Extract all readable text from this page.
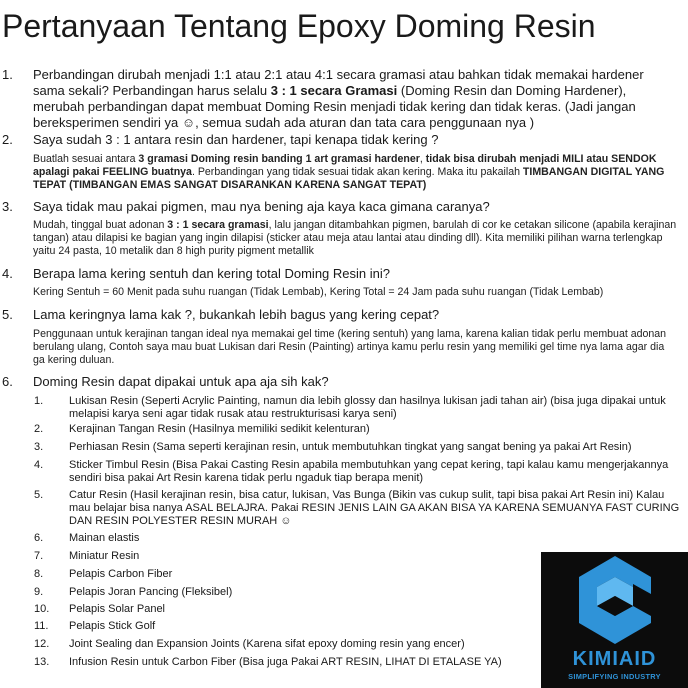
Pertanyaan Tentang Epoxy Doming Resin
1. Perbandingan dirubah menjadi 1:1 atau 2:1 atau 4:1 secara gramasi atau bahkan tidak memakai hardener sama sekali? Perbandingan harus selalu 3 : 1 secara Gramasi (Doming Resin dan Doming Hardener), merubah perbandingan dapat membuat Doming Resin menjadi tidak kering dan tidak keras. (Jadi jangan bereksperimen sendiri ya ☺, semua sudah ada aturan dan tata cara penggunaan nya )
2. Saya sudah 3 : 1 antara resin dan hardener, tapi kenapa tidak kering ?
Buatlah sesuai antara 3 gramasi Doming resin banding 1 art gramasi hardener, tidak bisa dirubah menjadi MILI atau SENDOK apalagi pakai FEELING buatnya. Perbandingan yang tidak sesuai tidak akan kering. Maka itu pakailah TIMBANGAN DIGITAL YANG TEPAT (TIMBANGAN EMAS SANGAT DISARANKAN KARENA SANGAT TEPAT)
3. Saya tidak mau pakai pigmen, mau nya bening aja kaya kaca gimana caranya?
Mudah, tinggal buat adonan 3 : 1 secara gramasi, lalu jangan ditambahkan pigmen, barulah di cor ke cetakan silicone (apabila kerajinan tangan) atau dilapisi ke bagian yang ingin dilapisi (sticker atau meja atau lantai atau dinding dll). Kita memiliki pilihan warna terlengkap yaitu 24 pasta, 10 metalik dan 8 high purity pigment metallik
4. Berapa lama kering sentuh dan kering total Doming Resin ini?
Kering Sentuh = 60 Menit pada suhu ruangan (Tidak Lembab), Kering Total = 24 Jam pada suhu ruangan (Tidak Lembab)
5. Lama keringnya lama kak ?, bukankah lebih bagus yang kering cepat?
Penggunaan untuk kerajinan tangan ideal nya memakai gel time (kering sentuh) yang lama, karena kalian tidak perlu membuat adonan berulang ulang, Contoh saya mau buat Lukisan dari Resin (Painting) artinya kamu perlu resin yang memiliki gel time nya lama agar dia ga kering duluan.
6. Doming Resin dapat dipakai untuk apa aja sih kak?
1. Lukisan Resin (Seperti Acrylic Painting, namun dia lebih glossy dan hasilnya lukisan jadi tahan air) (bisa juga dipakai untuk melapisi karya seni agar tidak rusak atau restrukturisasi karya seni)
2. Kerajinan Tangan Resin (Hasilnya memiliki sedikit kelenturan)
3. Perhiasan Resin (Sama seperti kerajinan resin, untuk membutuhkan tingkat yang sangat bening ya pakai Art Resin)
4. Sticker Timbul Resin (Bisa Pakai Casting Resin apabila membutuhkan yang cepat kering, tapi kalau kamu mengerjakannya sendiri bisa pakai Art Resin karena tidak perlu ngaduk tiap berapa menit)
5. Catur Resin (Hasil kerajinan resin, bisa catur, lukisan, Vas Bunga (Bikin vas cukup sulit, tapi bisa pakai Art Resin ini) Kalau mau belajar bisa nanya ASAL BELAJRA. Pakai RESIN JENIS LAIN GA AKAN BISA YA KARENA SEMUANYA FAST CURING DAN RESIN POLYESTER RESIN MURAH ☺
6. Mainan elastis
7. Miniatur Resin
8. Pelapis Carbon Fiber
9. Pelapis Joran Pancing (Fleksibel)
10. Pelapis Solar Panel
11. Pelapis Stick Golf
12. Joint Sealing dan Expansion Joints (Karena sifat epoxy doming resin yang encer)
13. Infusion Resin untuk Carbon Fiber (Bisa juga Pakai ART RESIN, LIHAT DI ETALASE YA)	KIMIAID
SIMPLIFYING INDUSTRY
